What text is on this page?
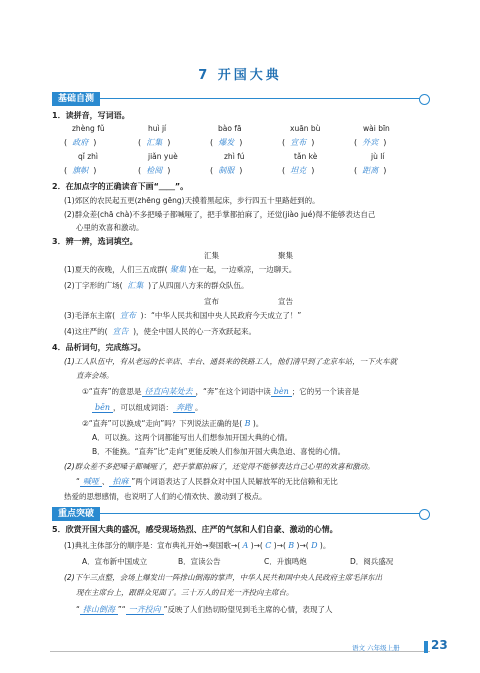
7 开国大典
基础自测
1．读拼音，写词语。
zhèng fǔ	huì jí	bào fā	xuān bù	wài bīn
(  政府  )	(  汇集  )	(  爆发  )	(  宣布  )	(  外宾  )
qǐ zhì	jiǎn yuè	zhì fú	tǎn kè	jù lí
(  旗帜  )	(  检阅  )	(  制服  )	(  坦克  )	(  距离  )
2．在加点字的正确读音下画“＿＿”。
(1)郊区的农民起五更(zhēng gēng)天摸着黑起床，步行四五十里路赶到的。
(2)群众差(chā chà)不多把嗓子都喊哑了，把手掌都拍麻了，还觉(jiào jué)得不能够表达自己
心里的欢喜和激动。
3．辨一辨，选词填空。
汇集	聚集
(1)夏天的夜晚，人们三五成群( 聚集 )在一起，一边乘凉，一边聊天。
(2)丁字形的广场( 汇集 )了从四面八方来的群众队伍。
宣布	宣告
(3)毛泽东主席( 宣布 )：“中华人民共和国中央人民政府今天成立了！”
(4)这庄严的( 宣告 )，使全中国人民的心一齐欢跃起来。
4．品析词句，完成练习。
(1)工人队伍中，有从老远的长辛店、丰台、通县来的铁路工人，他们清早到了北京车站，一下火车就
直奔会场。
①“直奔”的意思是 径直向某处去 ，“奔”在这个词语中读 bèn ；它的另一个读音是
bēn ，可以组成词语： 奔跑 。
②“直奔”可以换成“走向”吗？下列说法正确的是( B )。
A．可以换。这两个词都能写出人们想参加开国大典的心情。
B．不能换。“直奔”比“走向”更能反映人们参加开国大典急迫、喜悦的心情。
(2)群众差不多把嗓子都喊哑了，把手掌都拍麻了，还觉得不能够表达自己心里的欢喜和激动。
“ 喊哑 、 拍麻 ”两个词语表达了人民群众对中国人民解放军的无比信赖和无比
热爱的思想感情，也说明了人们的心情欢快、激动到了极点。
重点突破
5．欣赏开国大典的盛况，感受现场热烈、庄严的气氛和人们自豪、激动的心情。
(1)典礼主体部分的顺序是：宣布典礼开始→奏国歌→( A )→( C )→( B )→( D )。
A．宣布新中国成立	B．宣读公告	C．升旗鸣炮	D．阅兵盛况
(2)下午三点整，会场上爆发出一阵排山倒海的掌声，中华人民共和国中央人民政府主席毛泽东出
现在主席台上，跟群众见面了。三十万人的目光一齐投向主席台。
“ 排山倒海 ”“ 一齐投向 ”反映了人们热切盼望见到毛主席的心情，表现了人
语文 六年级上册	23
